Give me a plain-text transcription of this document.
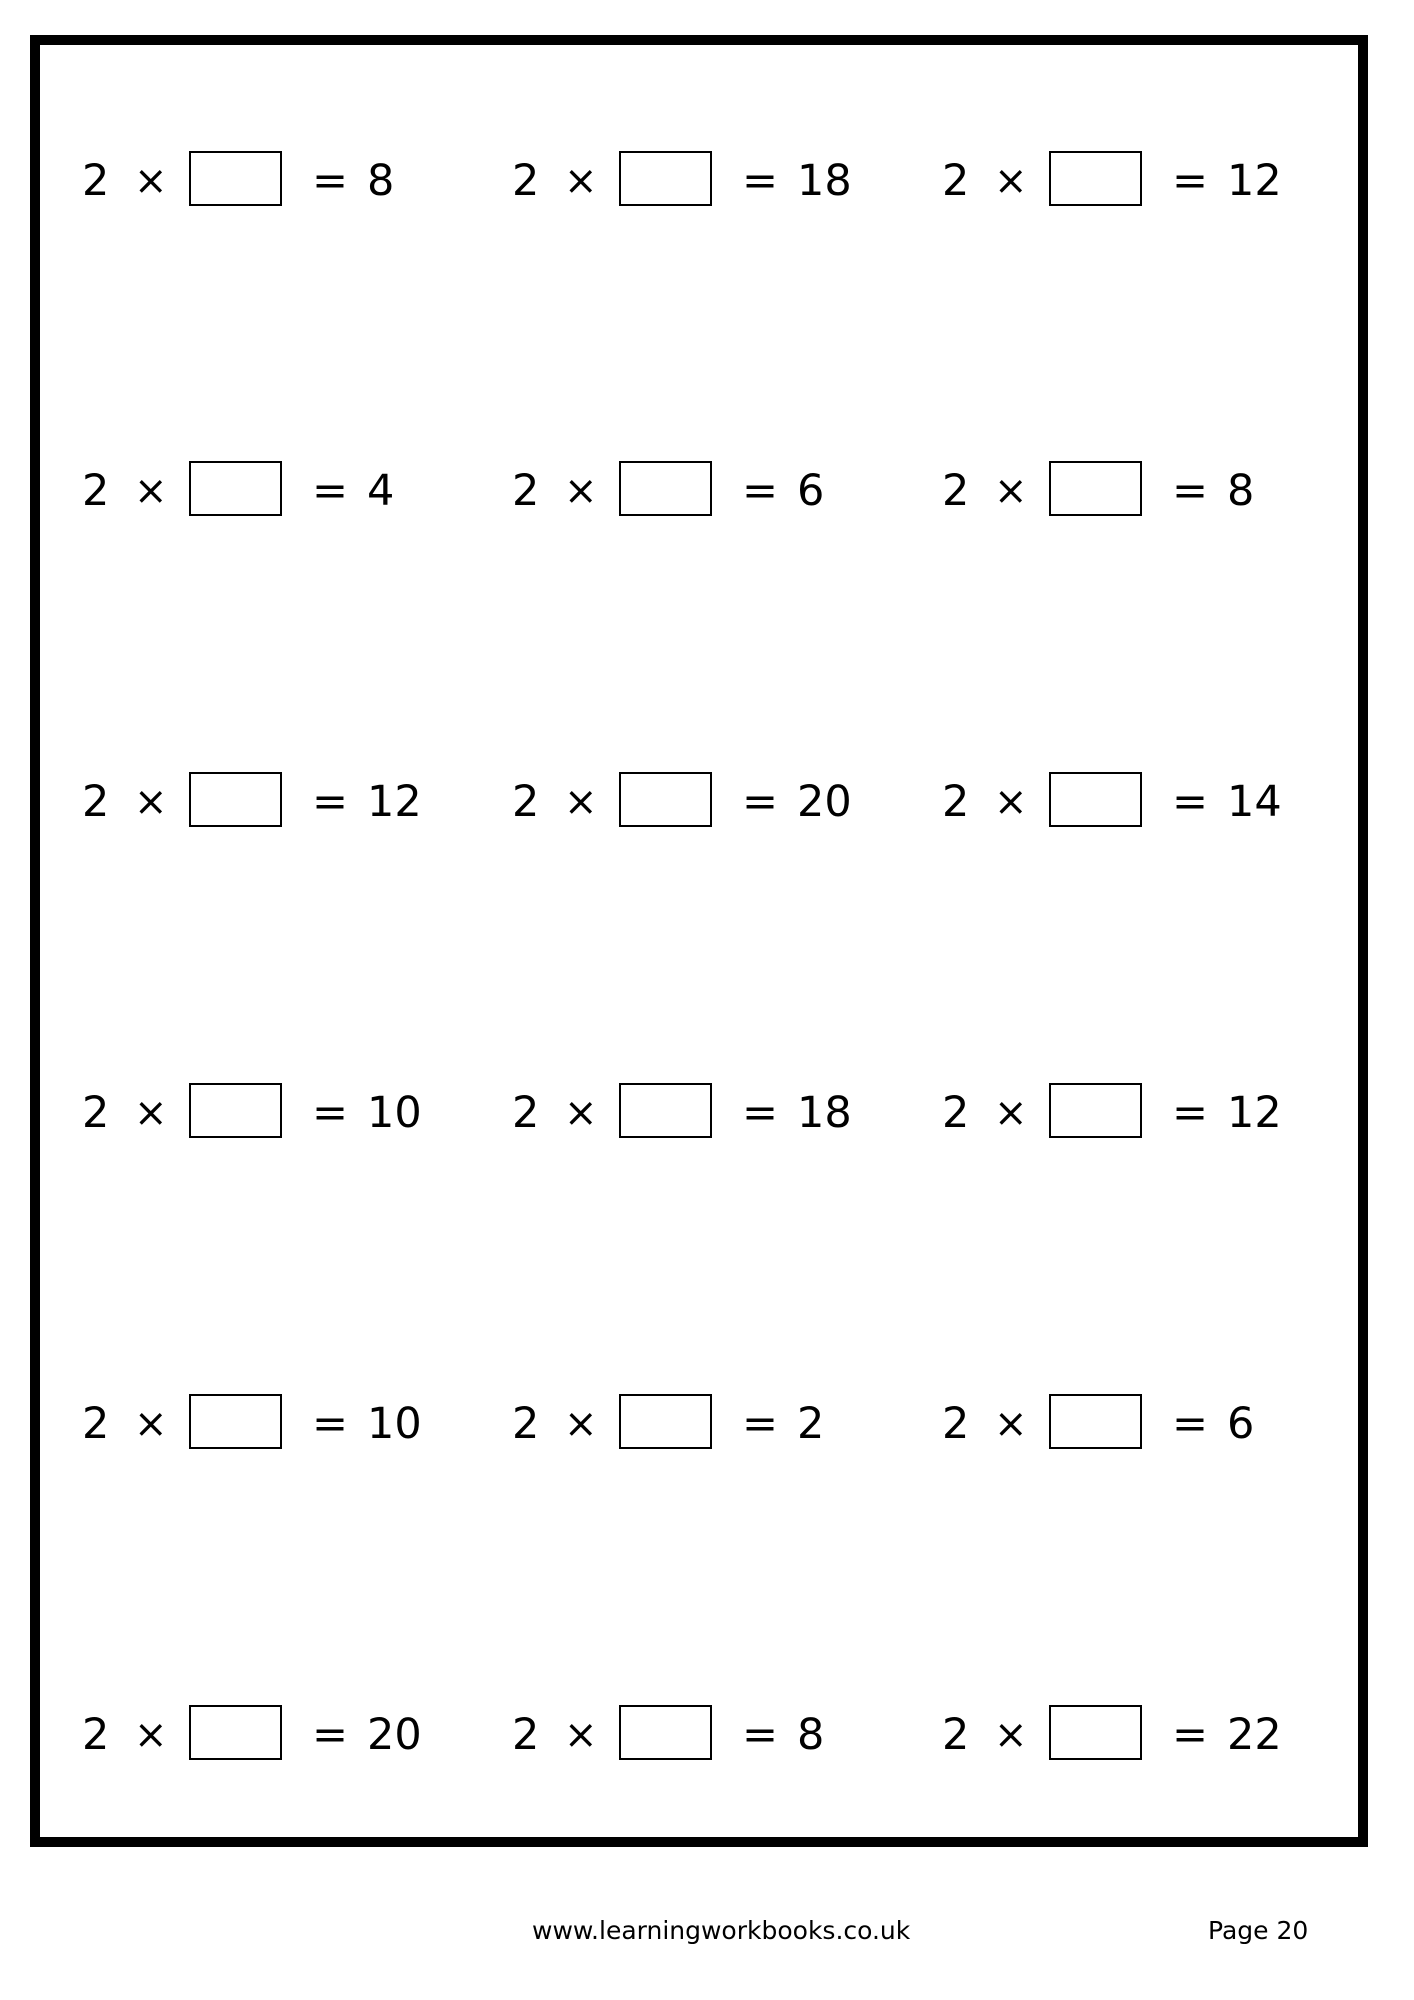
2 ×	= 8	2 ×	= 18 2 ×	= 12
2 ×	= 4	2 ×	= 6	2 ×	= 8
2 ×	= 12 2 ×	= 20 2 ×	= 14
2 ×	= 10 2 ×	= 18 2 ×	= 12
2 ×	= 10 2 ×	= 2	2 ×	= 6
2 ×	= 20 2 ×	= 8	2 ×	= 22
www.learningworkbooks.co.uk	Page 20
